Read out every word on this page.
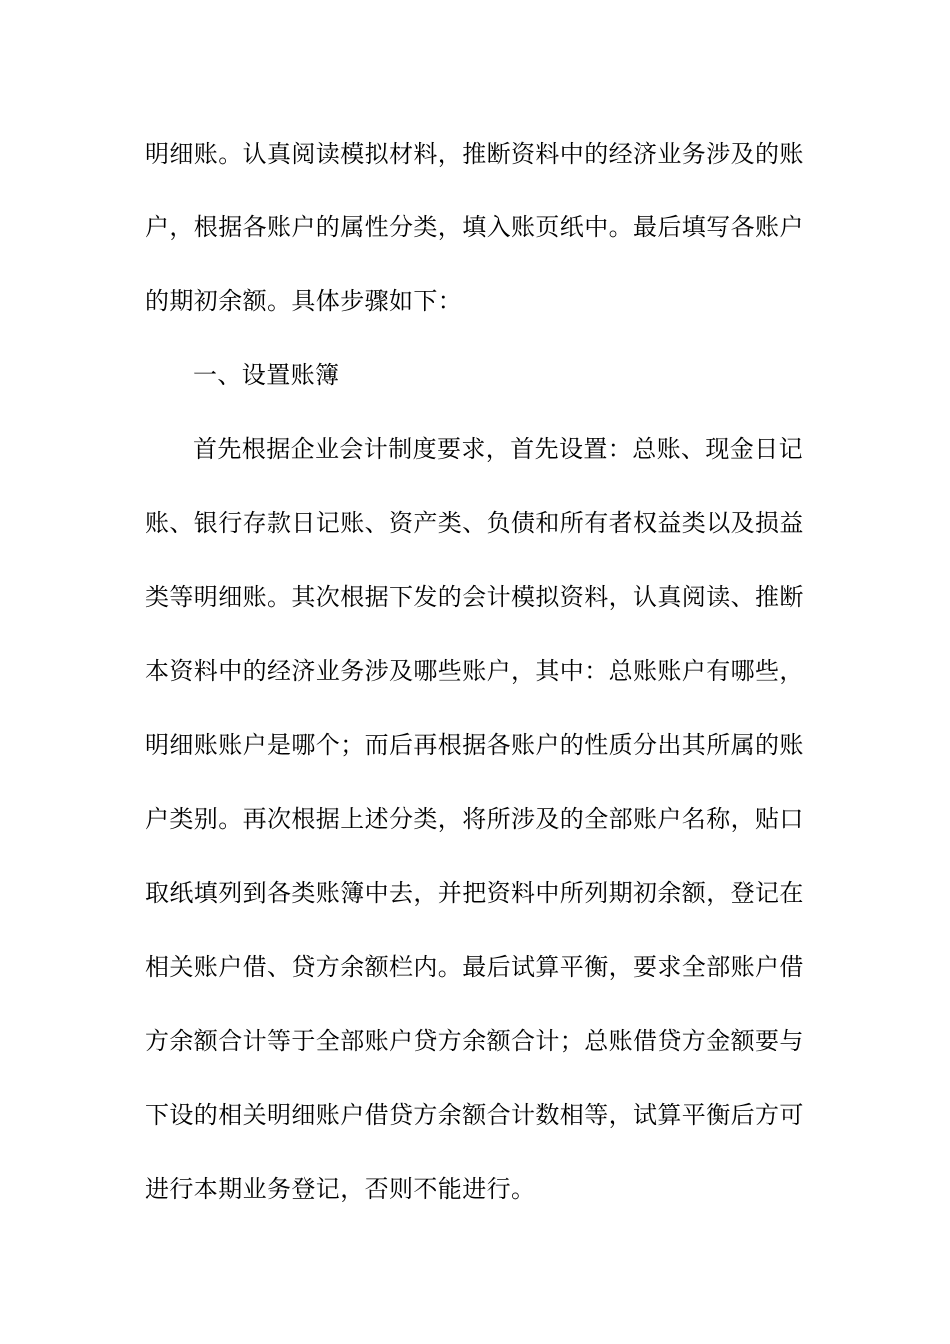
明细账。认真阅读模拟材料，推断资料中的经济业务涉及的账
户，根据各账户的属性分类，填入账页纸中。最后填写各账户
的期初余额。具体步骤如下：
一、设置账簿
首先根据企业会计制度要求，首先设置：总账、现金日记
账、银行存款日记账、资产类、负债和所有者权益类以及损益
类等明细账。其次根据下发的会计模拟资料，认真阅读、推断
本资料中的经济业务涉及哪些账户，其中：总账账户有哪些，
明细账账户是哪个；而后再根据各账户的性质分出其所属的账
户类别。再次根据上述分类，将所涉及的全部账户名称，贴口
取纸填列到各类账簿中去，并把资料中所列期初余额，登记在
相关账户借、贷方余额栏内。最后试算平衡，要求全部账户借
方余额合计等于全部账户贷方余额合计；总账借贷方金额要与
下设的相关明细账户借贷方余额合计数相等，试算平衡后方可
进行本期业务登记，否则不能进行。
